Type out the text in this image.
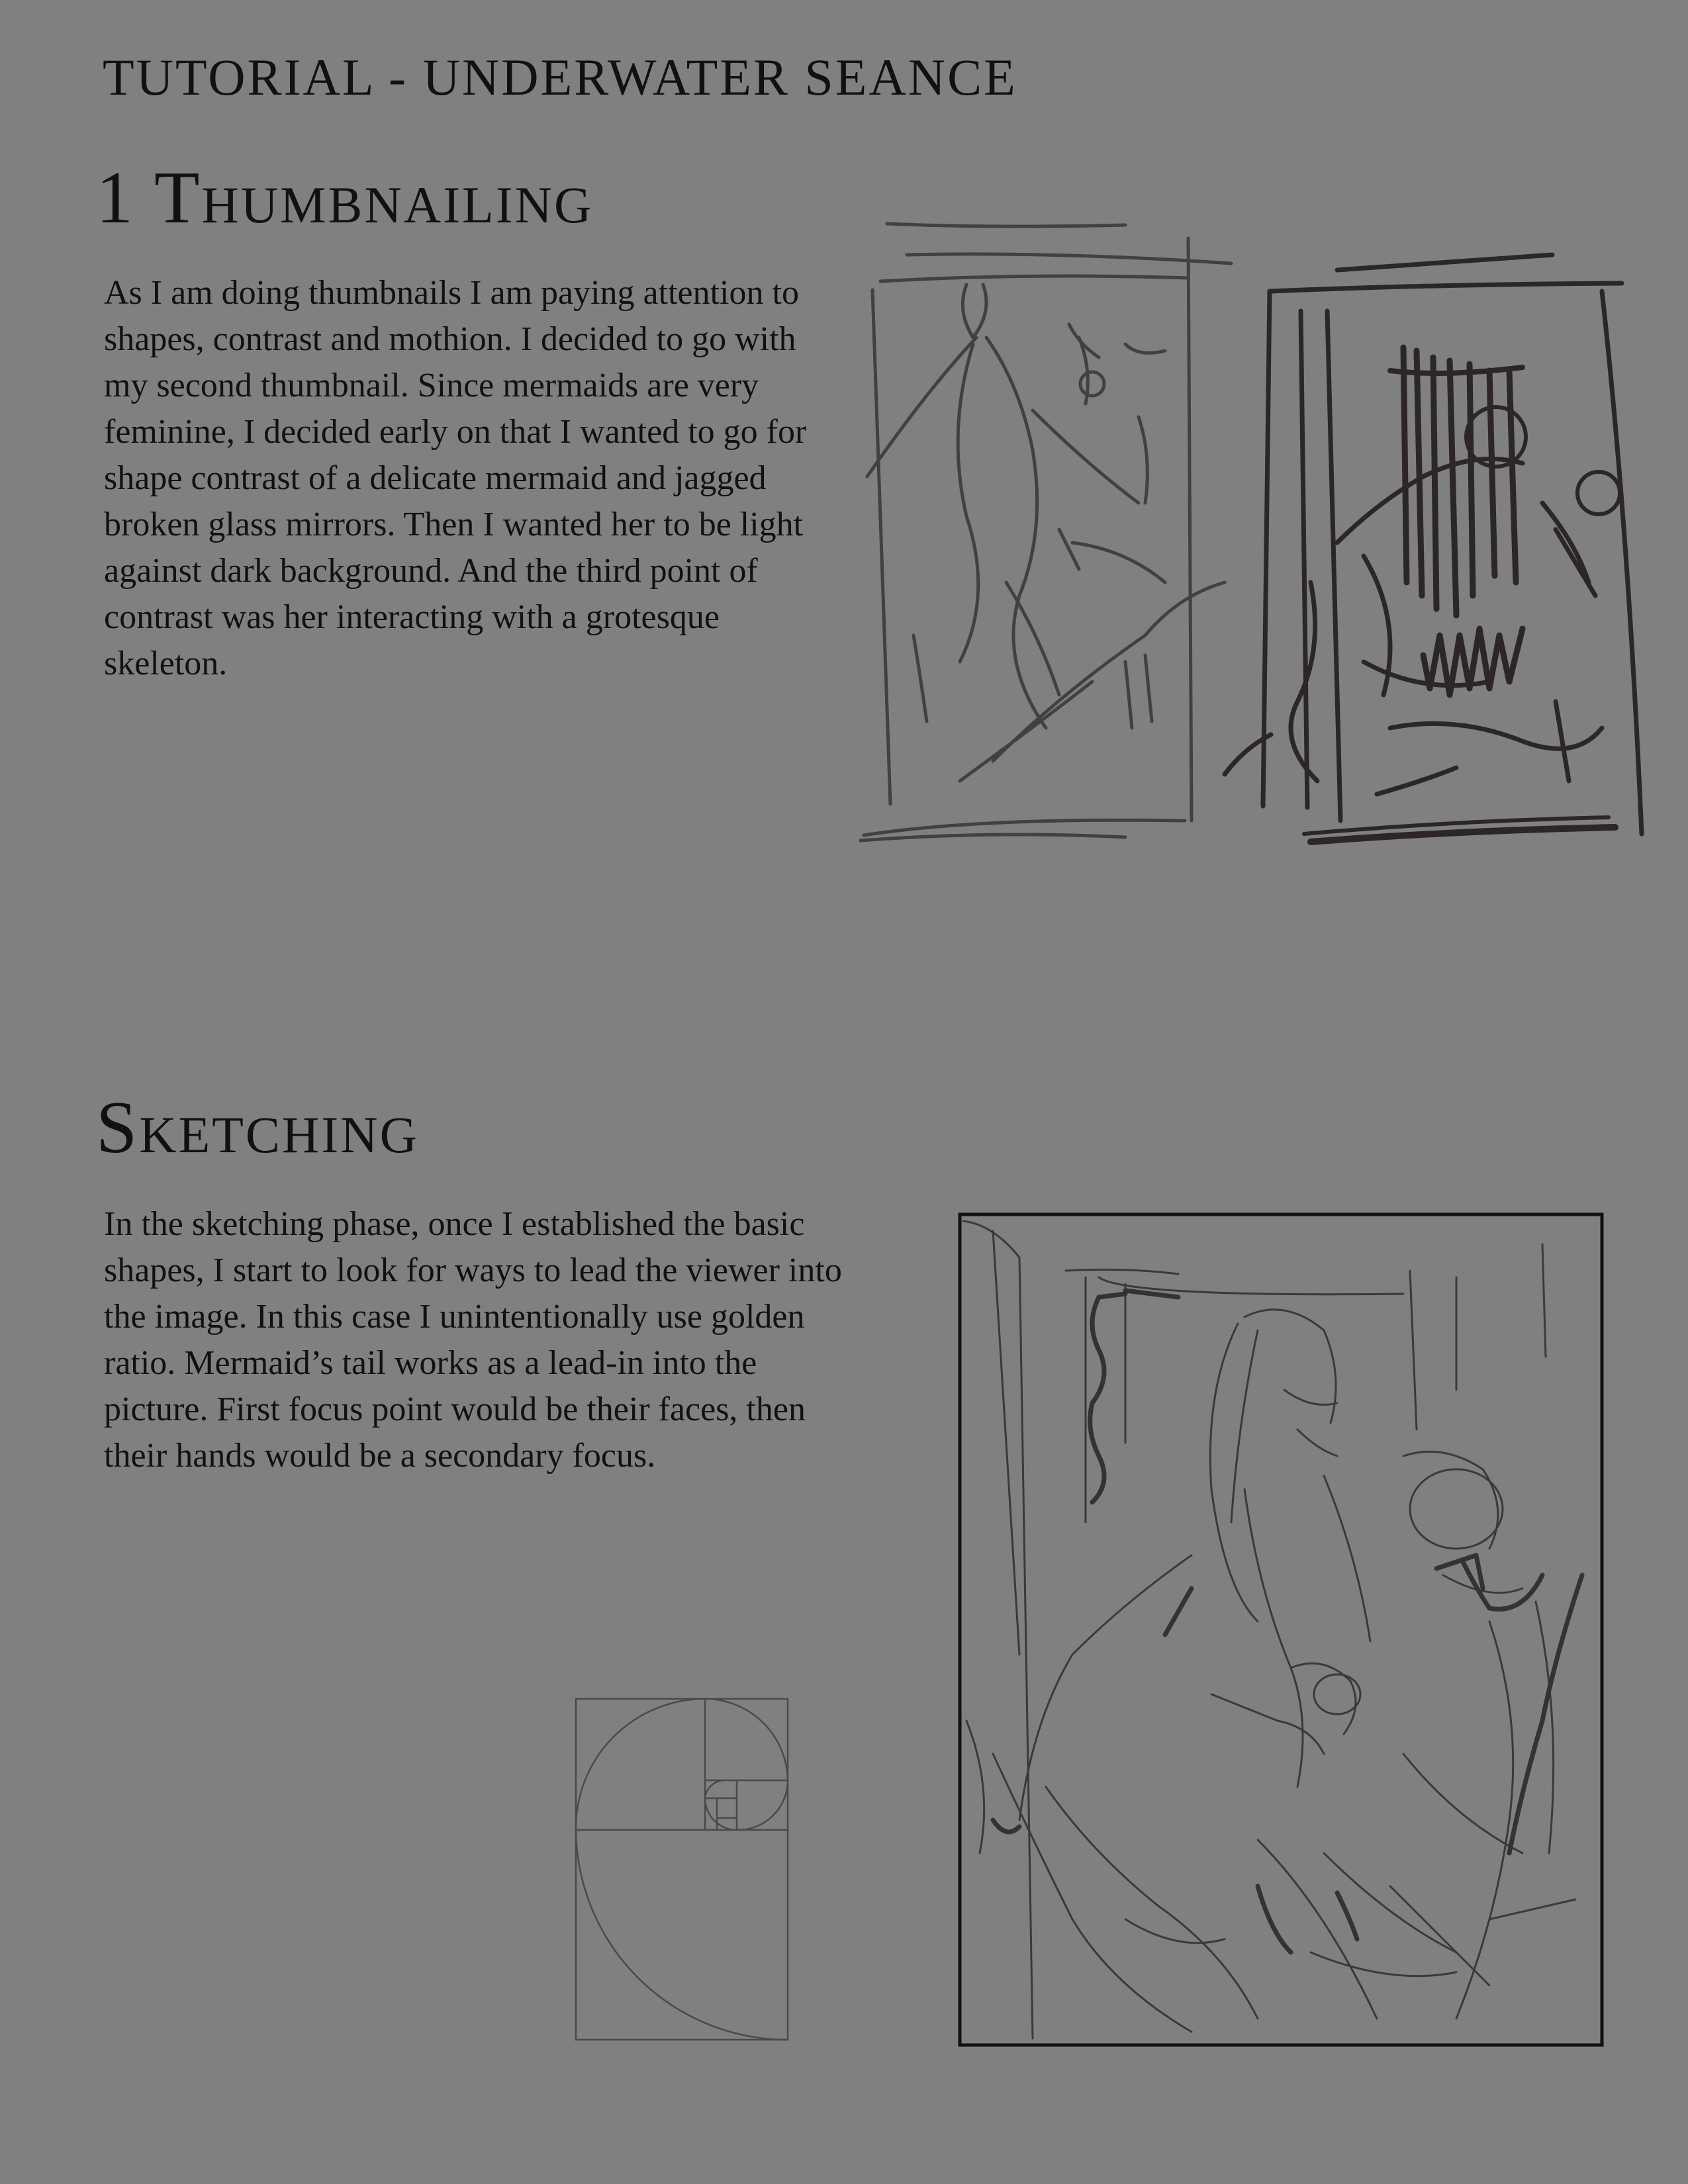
TUTORIAL - UNDERWATER SEANCE
1 Thumbnailing

As I am doing thumbnails I am paying attention to shapes, contrast and mothion. I decided to go with my second thumbnail. Since mermaids are very feminine, I decided early on that I wanted to go for shape contrast of a delicate mermaid and jagged broken glass mirrors. Then I wanted her to be light against dark background. And the third point of contrast was her interacting with a grotesque skeleton.

Sketching

In the sketching phase, once I established the basic shapes, I start to look for ways to lead the viewer into the image. In this case I unintentionally use golden ratio. Mermaid’s tail works as a lead-in into the picture. First focus point would be their faces, then their hands would be a secondary focus.
